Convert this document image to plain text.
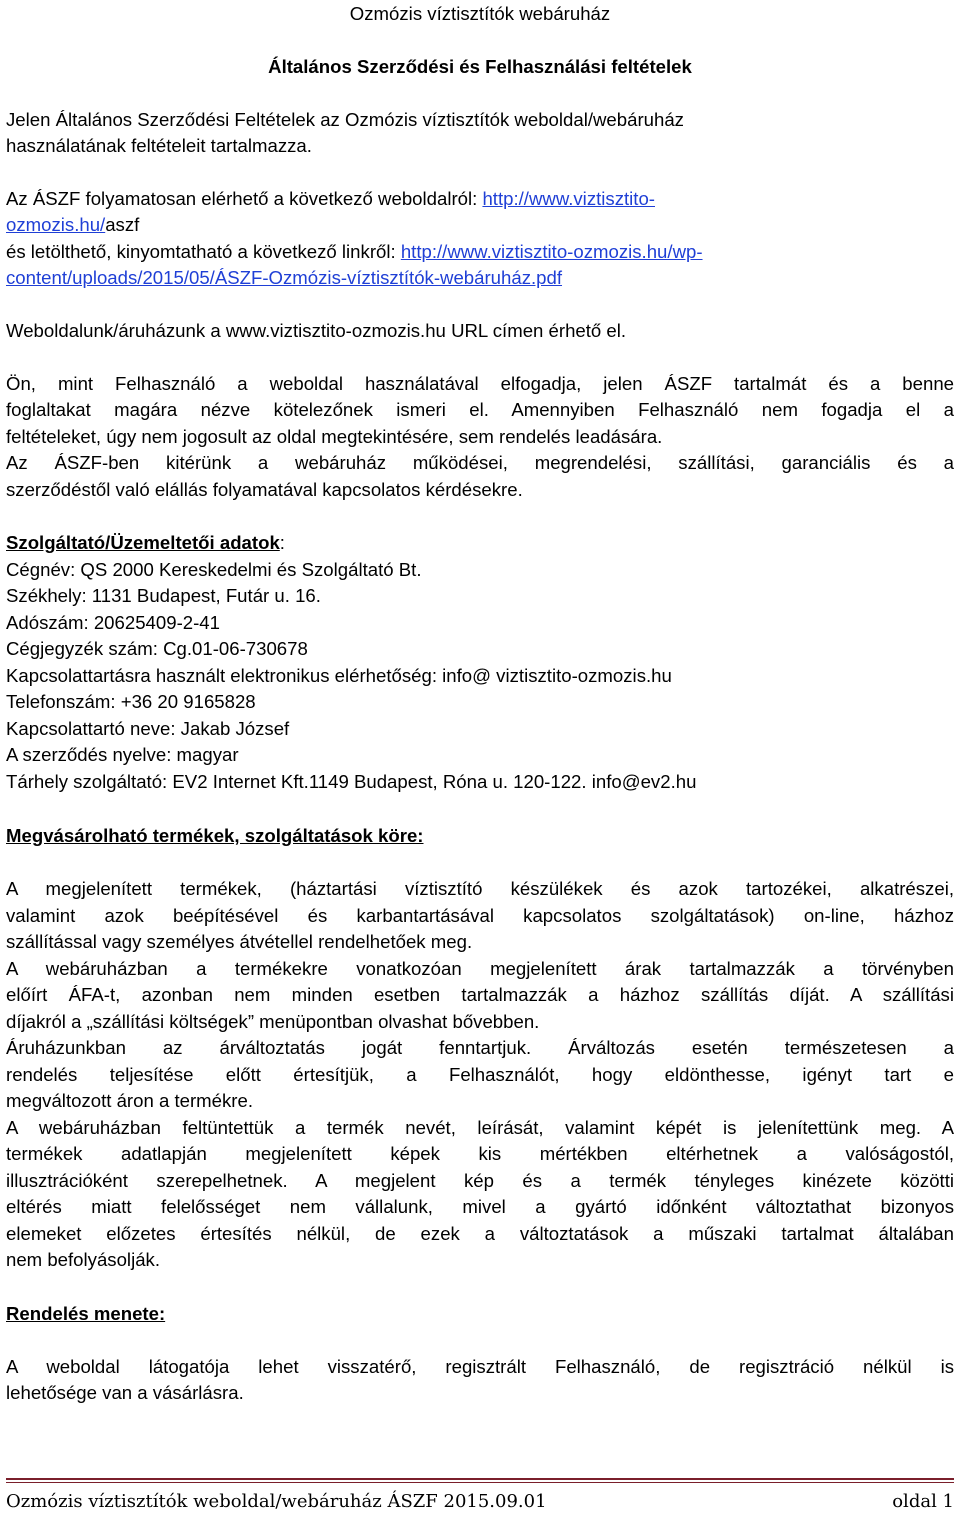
Ozmózis víztisztítók webáruház
Általános Szerződési és Felhasználási feltételek
Jelen Általános Szerződési Feltételek az Ozmózis víztisztítók weboldal/webáruház
használatának feltételeit tartalmazza.
Az ÁSZF folyamatosan elérhető a következő weboldalról: http://www.viztisztito-
ozmozis.hu/aszf
és letölthető, kinyomtatható a következő linkről: http://www.viztisztito-ozmozis.hu/wp-
content/uploads/2015/05/ÁSZF-Ozmózis-víztisztítók-webáruház.pdf
Weboldalunk/áruházunk a www.viztisztito-ozmozis.hu URL címen érhető el.
Ön, mint Felhasználó a weboldal használatával elfogadja, jelen ÁSZF tartalmát és a benne
foglaltakat magára nézve kötelezőnek ismeri el. Amennyiben Felhasználó nem fogadja el a
feltételeket, úgy nem jogosult az oldal megtekintésére, sem rendelés leadására.
Az ÁSZF-ben kitérünk a webáruház működései, megrendelési, szállítási, garanciális és a
szerződéstől való elállás folyamatával kapcsolatos kérdésekre.
Szolgáltató/Üzemeltetői adatok:
Cégnév: QS 2000 Kereskedelmi és Szolgáltató Bt.
Székhely: 1131 Budapest, Futár u. 16.
Adószám: 20625409-2-41
Cégjegyzék szám: Cg.01-06-730678
Kapcsolattartásra használt elektronikus elérhetőség: info@ viztisztito-ozmozis.hu
Telefonszám: +36 20 9165828
Kapcsolattartó neve: Jakab József
A szerződés nyelve: magyar
Tárhely szolgáltató: EV2 Internet Kft.1149 Budapest, Róna u. 120-122. info@ev2.hu
Megvásárolható termékek, szolgáltatások köre:
A megjelenített termékek, (háztartási víztisztító készülékek és azok tartozékei, alkatrészei,
valamint azok beépítésével és karbantartásával kapcsolatos szolgáltatások) on-line, házhoz
szállítással vagy személyes átvétellel rendelhetőek meg.
A webáruházban a termékekre vonatkozóan megjelenített árak tartalmazzák a törvényben
előírt ÁFA-t, azonban nem minden esetben tartalmazzák a házhoz szállítás díját. A szállítási
díjakról a „szállítási költségek” menüpontban olvashat bővebben.
Áruházunkban az árváltoztatás jogát fenntartjuk. Árváltozás esetén természetesen a
rendelés teljesítése előtt értesítjük, a Felhasználót, hogy eldönthesse, igényt tart e
megváltozott áron a termékre.
A webáruházban feltüntettük a termék nevét, leírását, valamint képét is jelenítettünk meg. A
termékek adatlapján megjelenített képek kis mértékben eltérhetnek a valóságostól,
illusztrációként szerepelhetnek. A megjelent kép és a termék tényleges kinézete közötti
eltérés miatt felelősséget nem vállalunk, mivel a gyártó időnként változtathat bizonyos
elemeket előzetes értesítés nélkül, de ezek a változtatások a műszaki tartalmat általában
nem befolyásolják.
Rendelés menete:
A weboldal látogatója lehet visszatérő, regisztrált Felhasználó, de regisztráció nélkül is
lehetősége van a vásárlásra.
Ozmózis víztisztítók weboldal/webáruház ÁSZF 2015.09.01	oldal 1
